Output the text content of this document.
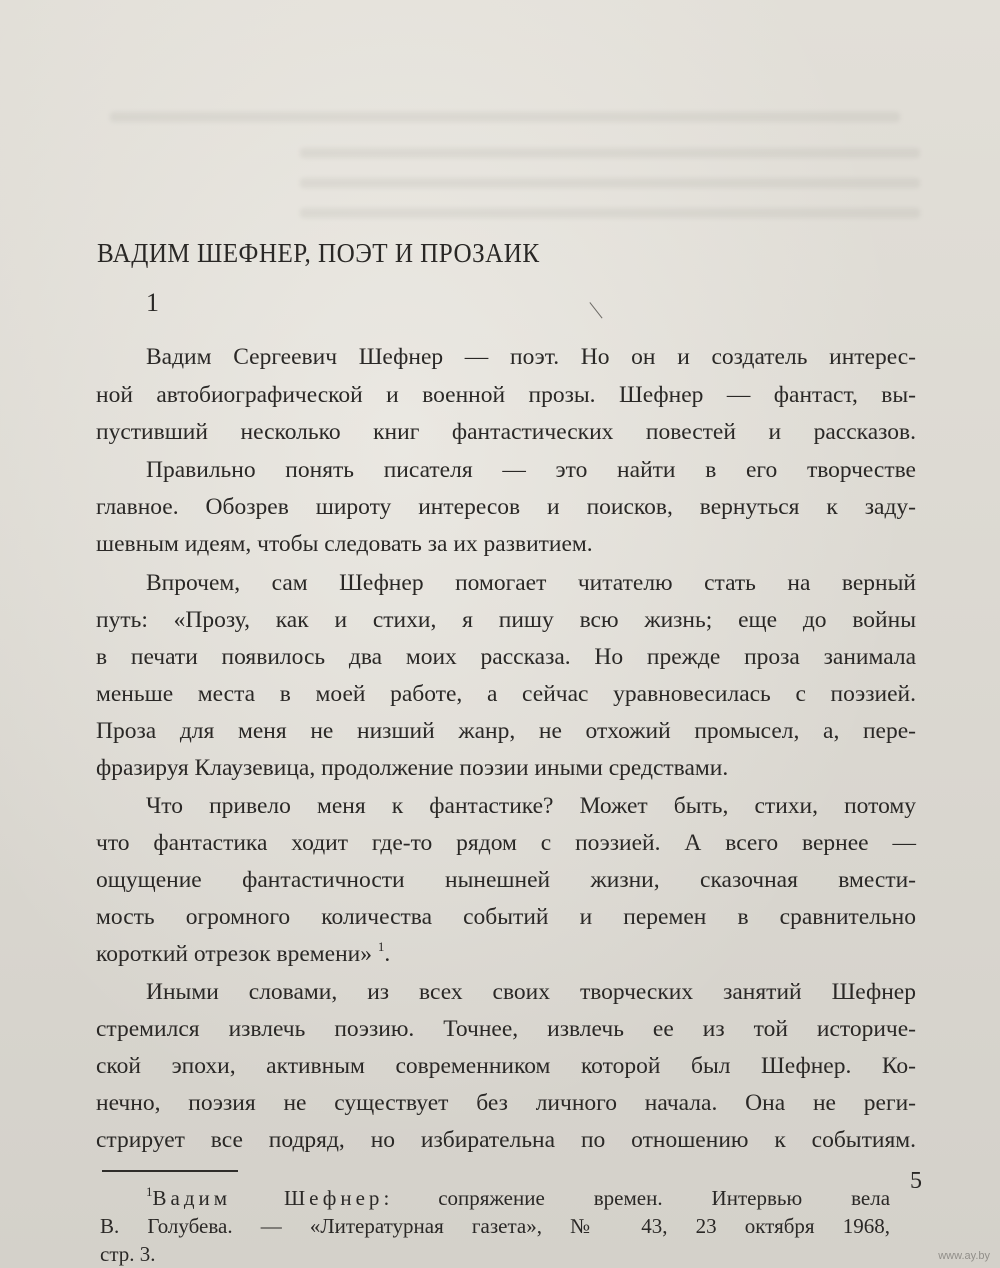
ВАДИМ ШЕФНЕР, ПОЭТ И ПРОЗАИК
1
Вадим Сергеевич Шефнер — поэт. Но он и создатель интерес-
ной автобиографической и военной прозы. Шефнер — фантаст, вы-
пустивший несколько книг фантастических повестей и рассказов.
Правильно понять писателя — это найти в его творчестве
главное. Обозрев широту интересов и поисков, вернуться к заду-
шевным идеям, чтобы следовать за их развитием.
Впрочем, сам Шефнер помогает читателю стать на верный
путь: «Прозу, как и стихи, я пишу всю жизнь; еще до войны
в печати появилось два моих рассказа. Но прежде проза занимала
меньше места в моей работе, а сейчас уравновесилась с поэзией.
Проза для меня не низший жанр, не отхожий промысел, а, пере-
фразируя Клаузевица, продолжение поэзии иными средствами.
Что привело меня к фантастике? Может быть, стихи, потому
что фантастика ходит где-то рядом с поэзией. А всего вернее —
ощущение фантастичности нынешней жизни, сказочная вмести-
мость огромного количества событий и перемен в сравнительно
короткий отрезок времени» $^1$.
Иными словами, из всех своих творческих занятий Шефнер
стремился извлечь поэзию. Точнее, извлечь ее из той историче-
ской эпохи, активным современником которой был Шефнер. Ко-
нечно, поэзия не существует без личного начала. Она не реги-
стрирует все подряд, но избирательна по отношению к событиям.
$^1$Вадим Шефнер: сопряжение времен. Интервью вела
В. Голубева. — «Литературная газета», № 43, 23 октября 1968,
стр. 3.
5
www.ay.by
